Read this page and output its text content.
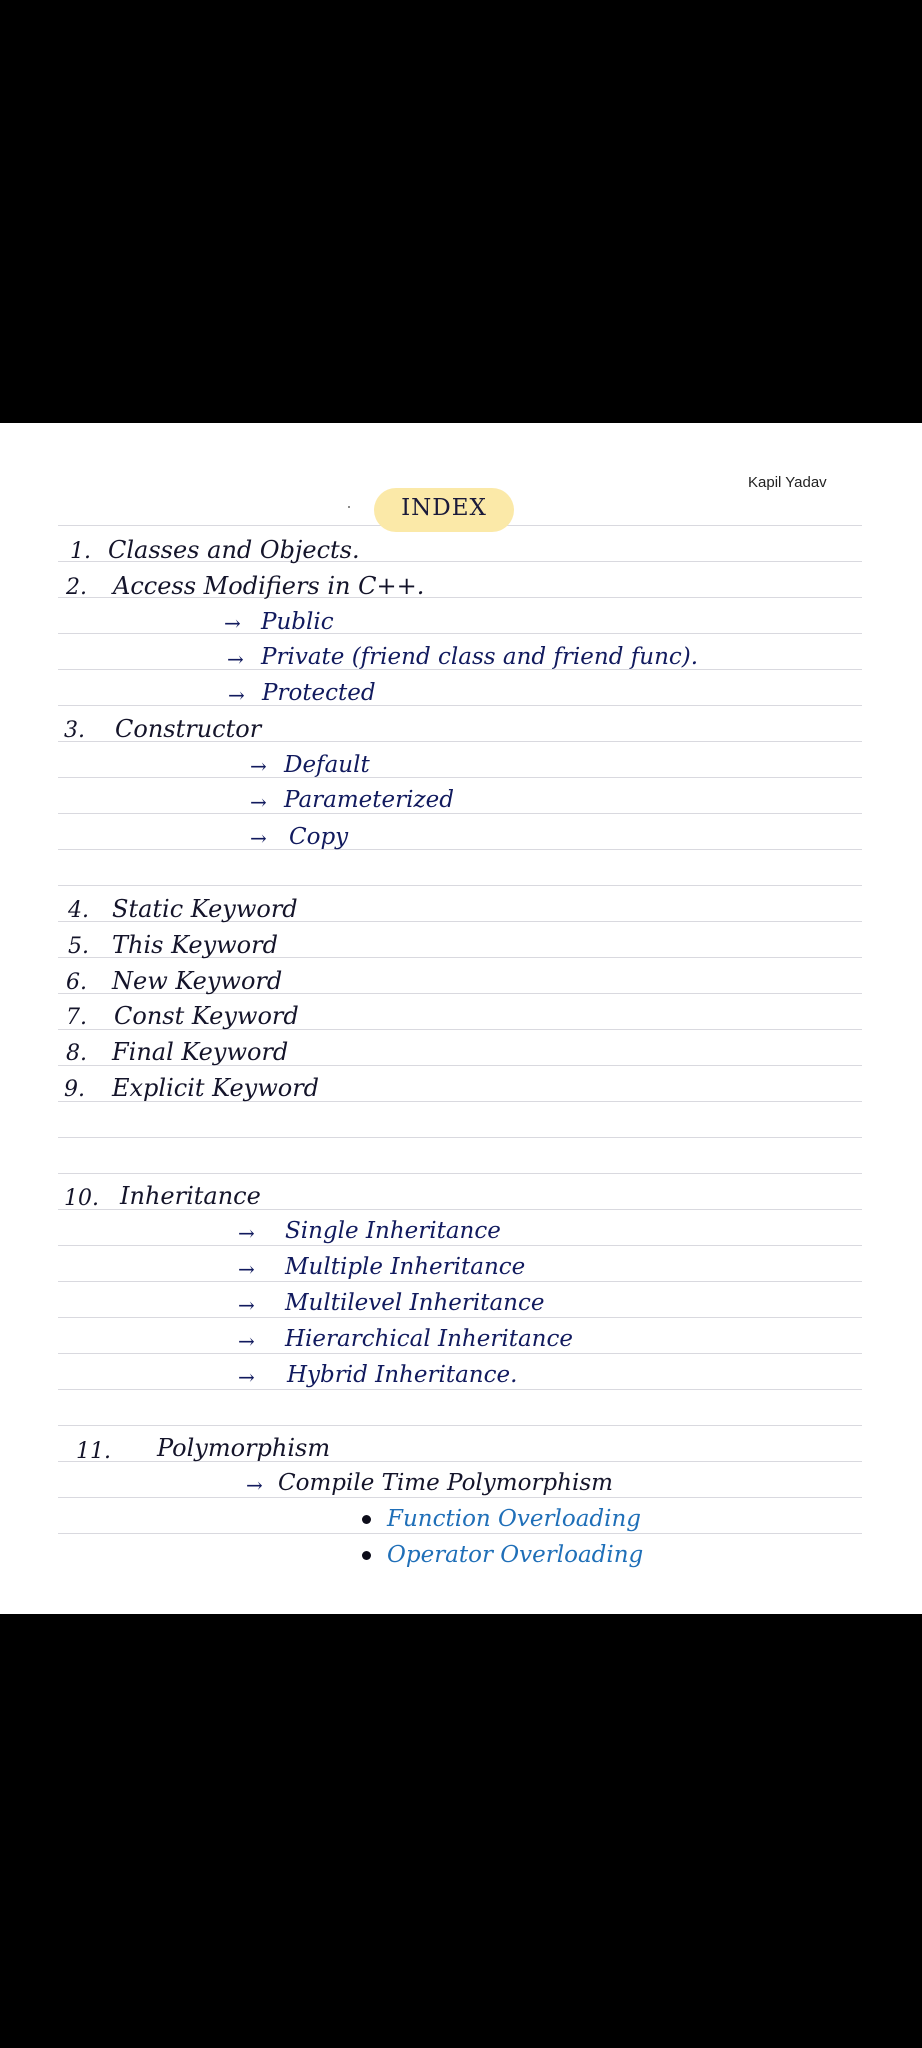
Kapil Yadav
INDEX
1. Classes and Objects.
2. Access Modifiers in C++.
→ Public
→ Private (friend class and friend func).
→ Protected
3. Constructor
→ Default
→ Parameterized
→ Copy
4. Static Keyword
5. This Keyword
6. New Keyword
7. Const Keyword
8. Final Keyword
9. Explicit Keyword
10. Inheritance
→ Single Inheritance
→ Multiple Inheritance
→ Multilevel Inheritance
→ Hierarchical Inheritance
→ Hybrid Inheritance.
11. Polymorphism
→ Compile Time Polymorphism
Function Overloading
Operator Overloading
